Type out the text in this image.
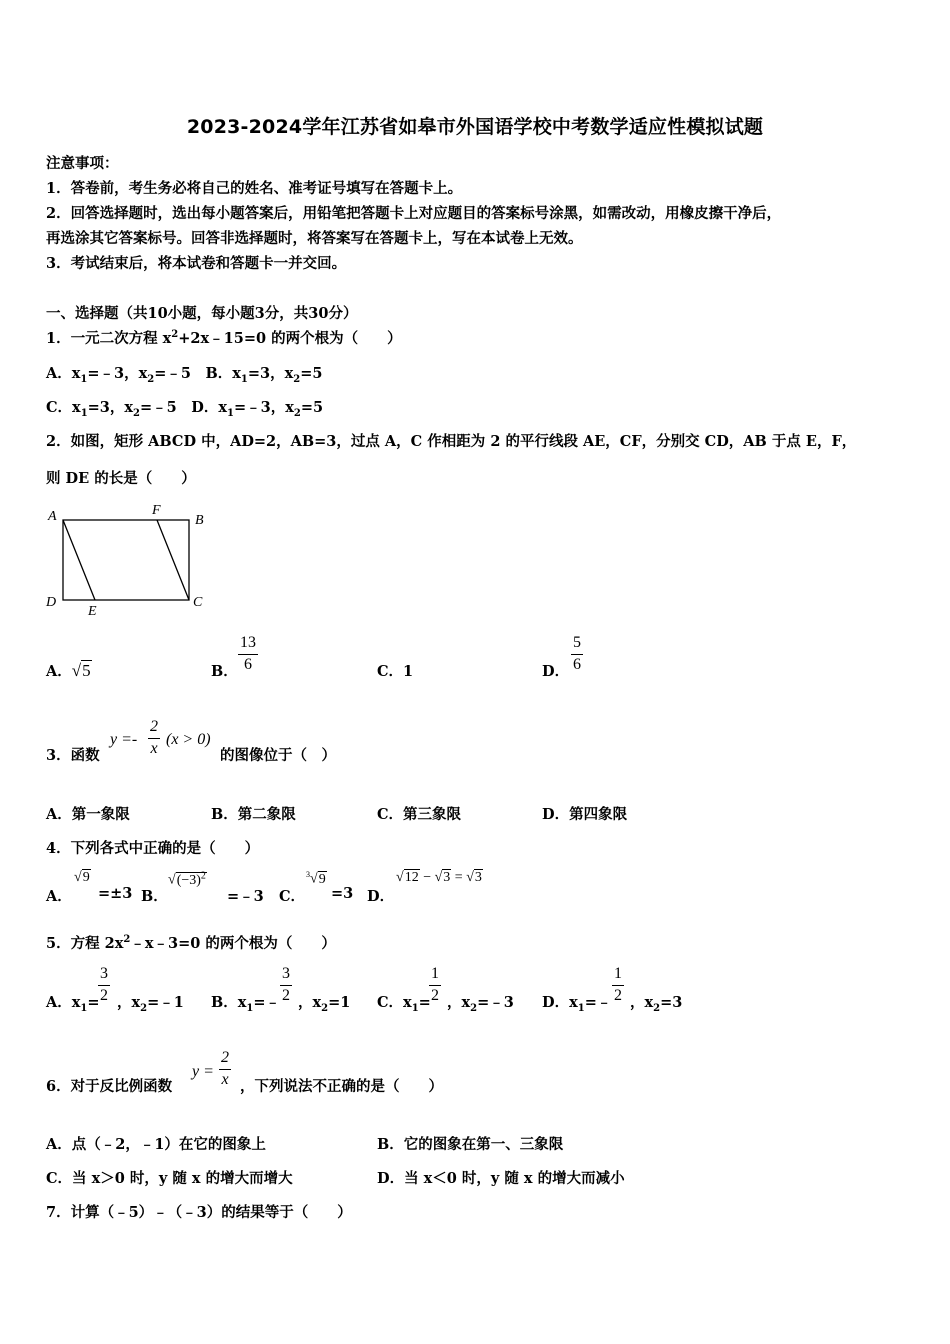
2023-2024学年江苏省如皋市外国语学校中考数学适应性模拟试题
注意事项：
1．答卷前，考生务必将自己的姓名、准考证号填写在答题卡上。
2．回答选择题时，选出每小题答案后，用铅笔把答题卡上对应题目的答案标号涂黑，如需改动，用橡皮擦干净后，
再选涂其它答案标号。回答非选择题时，将答案写在答题卡上，写在本试卷上无效。
3．考试结束后，将本试卷和答题卡一并交回。
一、选择题（共10小题，每小题3分，共30分）
1．一元二次方程 $x^2+2x﹣15=0$ 的两个根为（　　）
A．$x_1=﹣3$，$x_2=﹣5$　B．$x_1=3$，$x_2=5$
C．$x_1=3$，$x_2=﹣5$　D．$x_1=﹣3$，$x_2=5$
2．如图，矩形 ABCD 中，AD=2，AB=3，过点 A，C 作相距为 2 的平行线段 AE，CF，分别交 CD，AB 于点 E，F，
则 DE 的长是（　　）
A	F
B
D
E
C
A．√5	B．
13
6	C．1	D．
5
6
3．函数
y =-
2
x
(x > 0)
的图像位于（　）
A．第一象限	B．第二象限	C．第三象限	D．第四象限
4．下列各式中正确的是（　　）
A．
√9
=±3 B．
$√(-3)^2$
=﹣3 C．
$^3$√9
=3 D．
√12 − √3 = √3
5．方程 $2x^2﹣x﹣3=0$ 的两个根为（　　）
A．$x_1=$
3
2 ，$x_2=﹣1$ B．$x_1=﹣$
3
2 ，$x_2=1$ C．$x_1=$
1
2 ，$x_2=﹣3$ D．$x_1=﹣$
1
2 ，$x_2=3$
6．对于反比例函数
y =
2
x ，下列说法不正确的是（　　）
A．点（﹣2，﹣1）在它的图象上	B．它的图象在第一、三象限
C．当 x＞0 时，y 随 x 的增大而增大	D．当 x＜0 时，y 随 x 的增大而减小
7．计算（﹣5）﹣（﹣3）的结果等于（　　）
